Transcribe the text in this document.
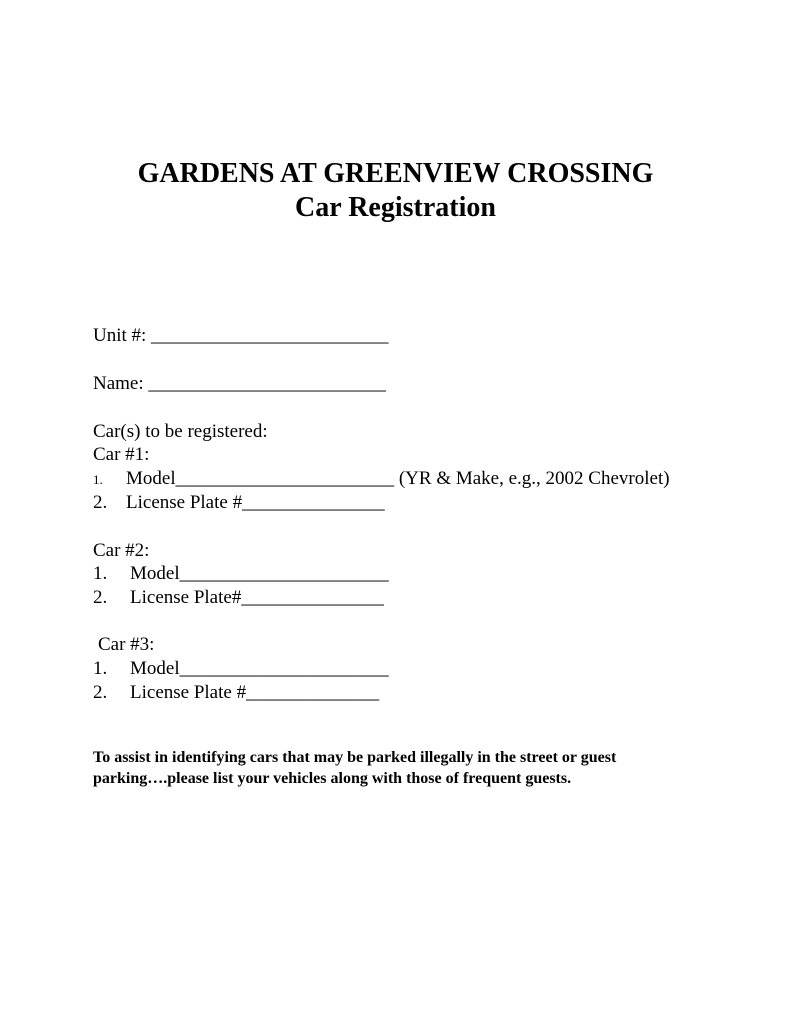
GARDENS AT GREENVIEW CROSSING
Car Registration
Unit #: _________________________
Name: _________________________
Car(s) to be registered:
Car #1:
1. Model_______________________ (YR & Make, e.g., 2002 Chevrolet)
2. License Plate #_______________
Car #2:
1. Model______________________
2. License Plate#_______________
Car #3:
1. Model______________________
2. License Plate #______________
To assist in identifying cars that may be parked illegally in the street or guest parking….please list your vehicles along with those of frequent guests.
